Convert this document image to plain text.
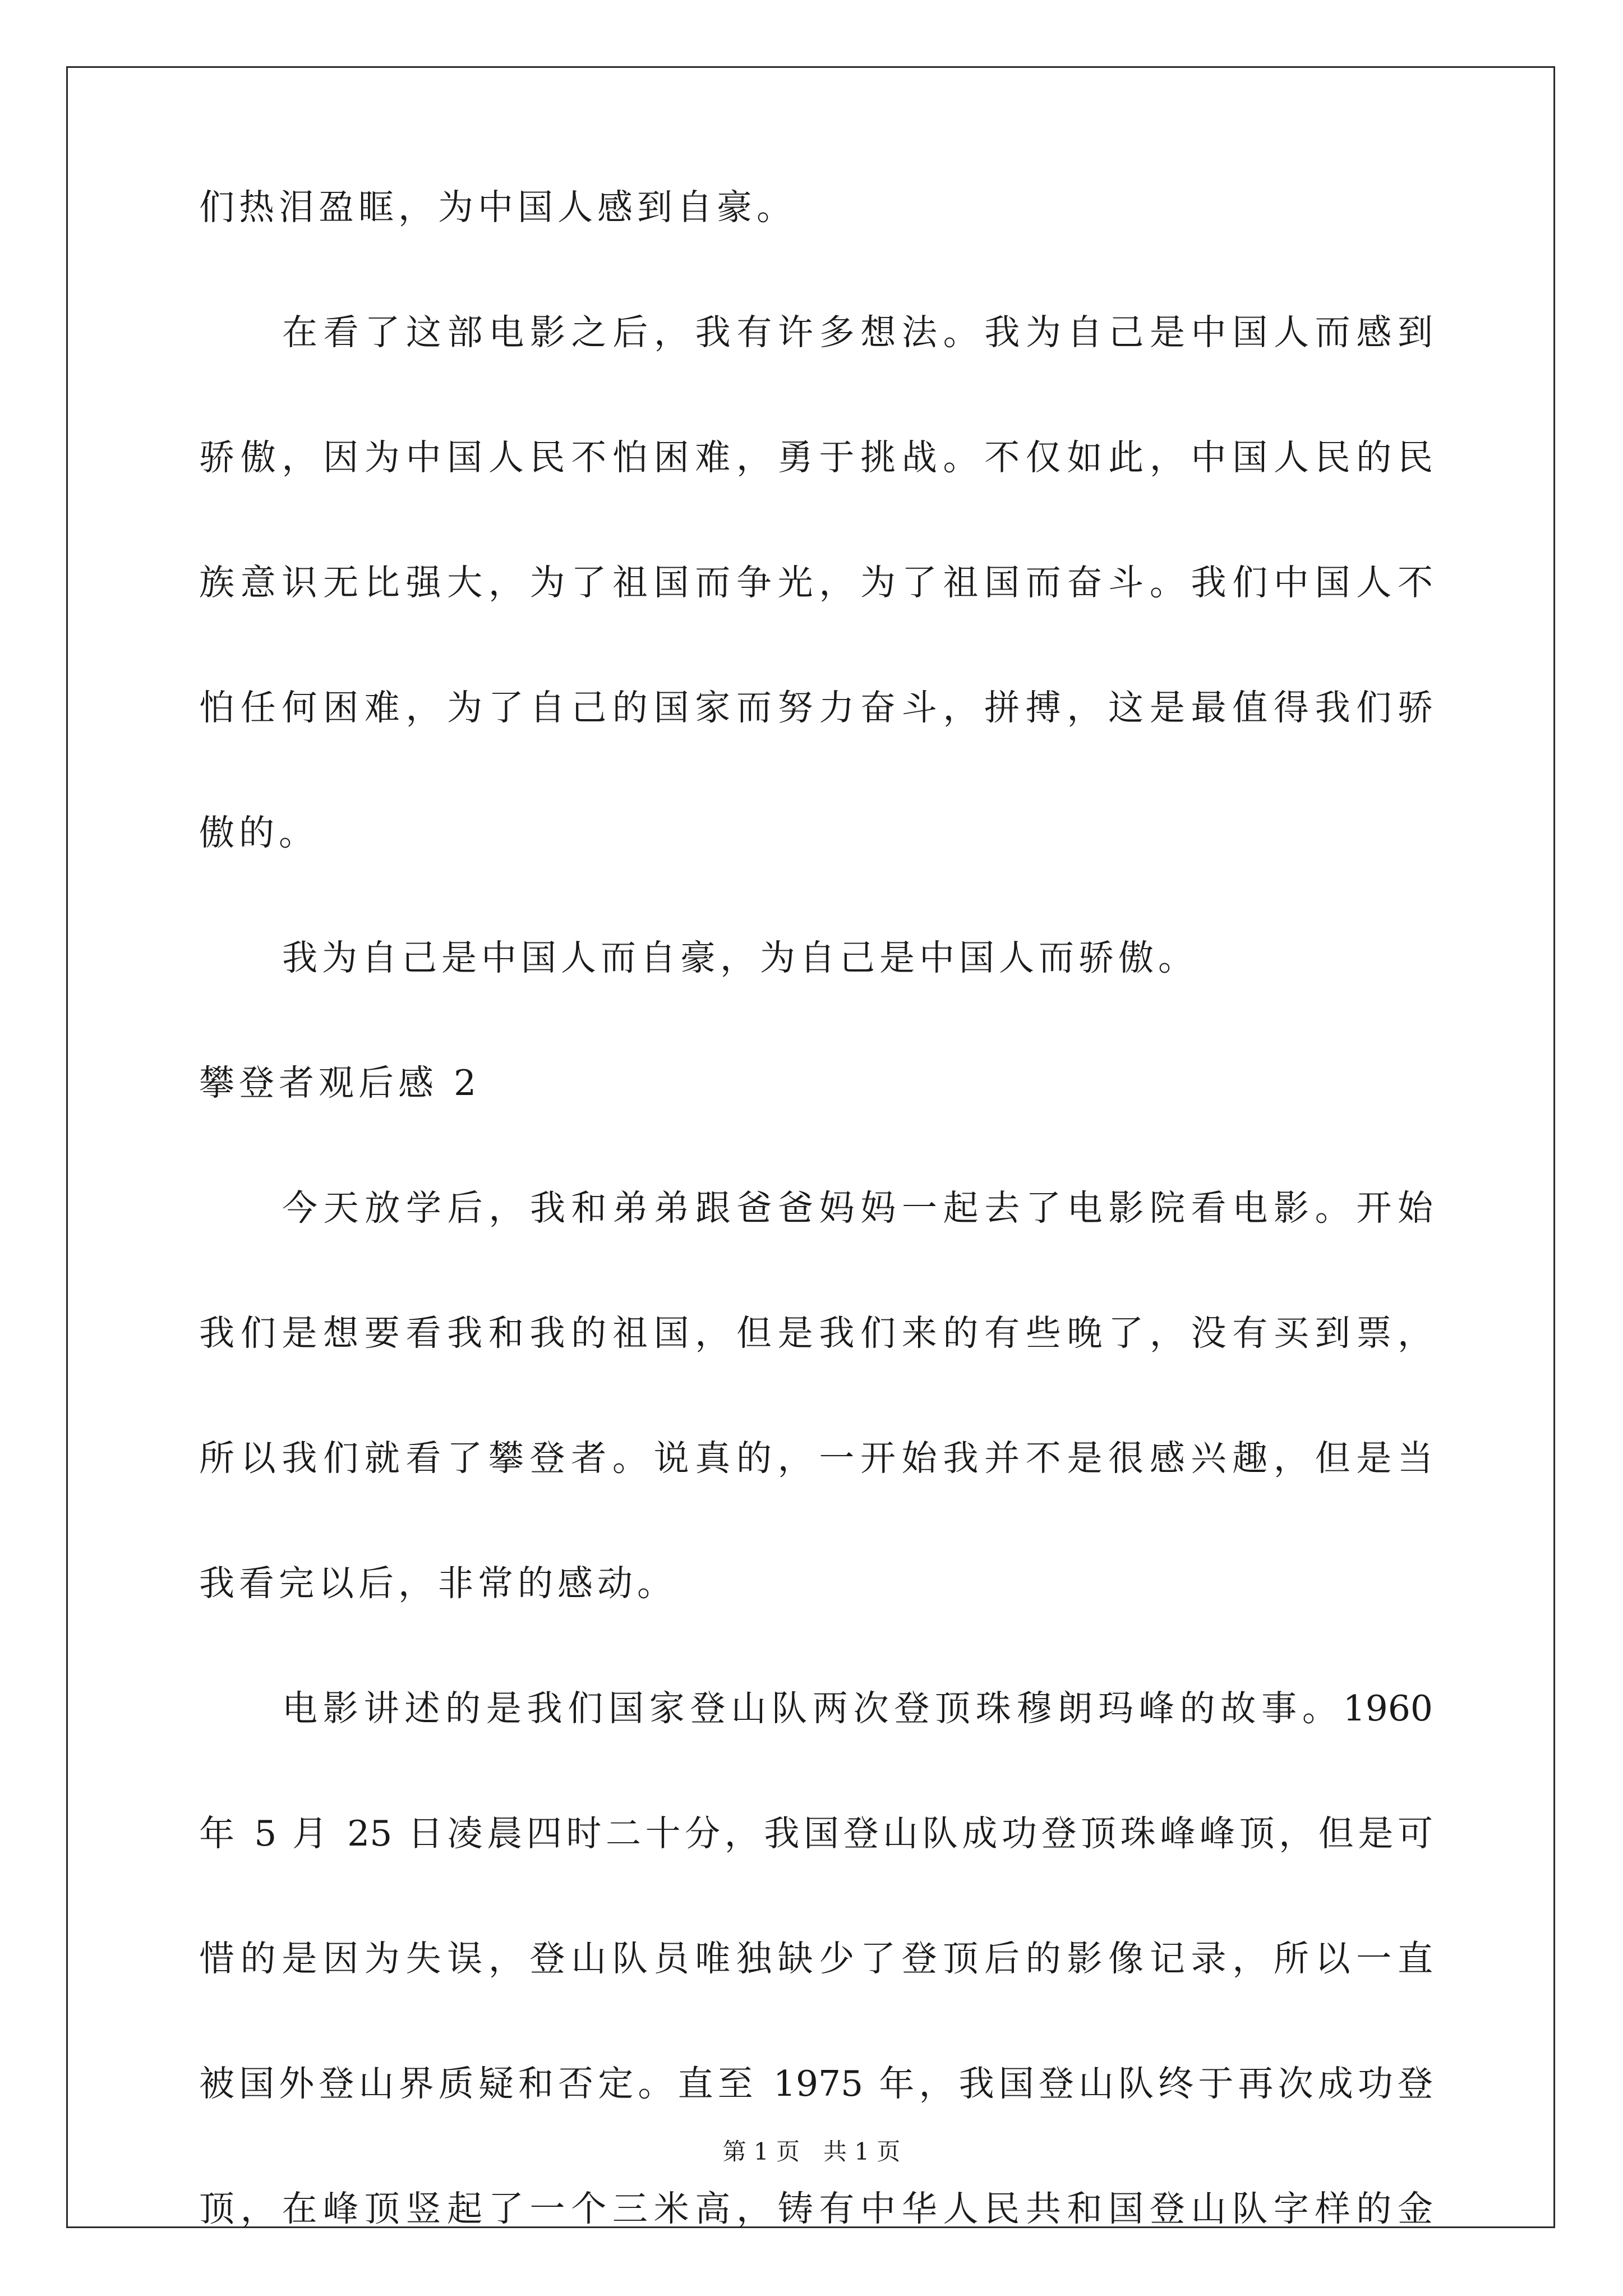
们热泪盈眶，为中国人感到自豪。
在看了这部电影之后，我有许多想法。我为自己是中国人而感到
骄傲，因为中国人民不怕困难，勇于挑战。不仅如此，中国人民的民
族意识无比强大，为了祖国而争光，为了祖国而奋斗。我们中国人不
怕任何困难，为了自己的国家而努力奋斗，拼搏，这是最值得我们骄
傲的。
我为自己是中国人而自豪，为自己是中国人而骄傲。
攀登者观后感 2
今天放学后，我和弟弟跟爸爸妈妈一起去了电影院看电影。开始
我们是想要看我和我的祖国，但是我们来的有些晚了，没有买到票，
所以我们就看了攀登者。说真的，一开始我并不是很感兴趣，但是当
我看完以后，非常的感动。
电影讲述的是我们国家登山队两次登顶珠穆朗玛峰的故事。1960
年 5 月 25 日凌晨四时二十分，我国登山队成功登顶珠峰峰顶，但是可
惜的是因为失误，登山队员唯独缺少了登顶后的影像记录，所以一直
被国外登山界质疑和否定。直至 1975 年，我国登山队终于再次成功登
顶，在峰顶竖起了一个三米高，铸有中华人民共和国登山队字样的金
第 1 页　共 1 页
